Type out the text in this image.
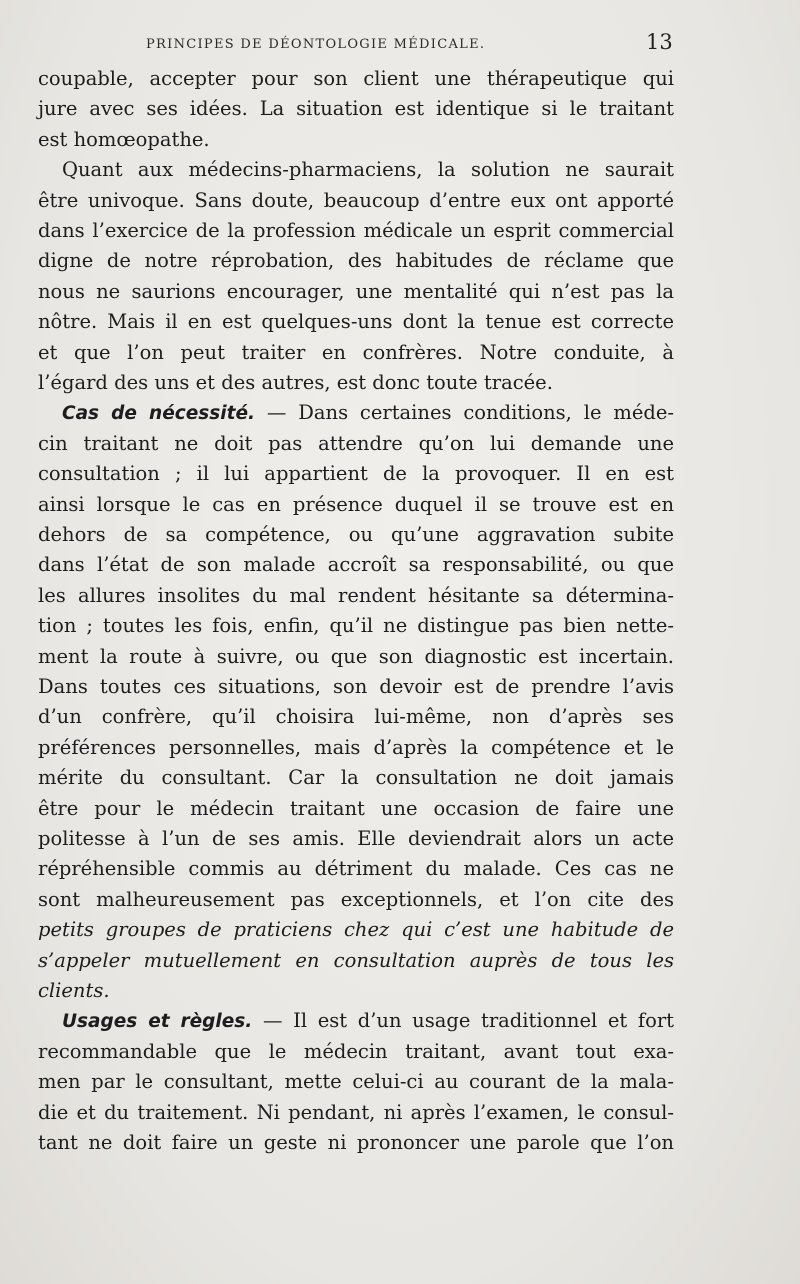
PRINCIPES DE DÉONTOLOGIE MÉDICALE.	13
coupable, accepter pour son client une thérapeutique qui
jure avec ses idées. La situation est identique si le traitant
est homœopathe.
Quant aux médecins-pharmaciens, la solution ne saurait
être univoque. Sans doute, beaucoup d’entre eux ont apporté
dans l’exercice de la profession médicale un esprit commercial
digne de notre réprobation, des habitudes de réclame que
nous ne saurions encourager, une mentalité qui n’est pas la
nôtre. Mais il en est quelques-uns dont la tenue est correcte
et que l’on peut traiter en confrères. Notre conduite, à
l’égard des uns et des autres, est donc toute tracée.
Cas de nécessité. — Dans certaines conditions, le méde-
cin traitant ne doit pas attendre qu’on lui demande une
consultation ; il lui appartient de la provoquer. Il en est
ainsi lorsque le cas en présence duquel il se trouve est en
dehors de sa compétence, ou qu’une aggravation subite
dans l’état de son malade accroît sa responsabilité, ou que
les allures insolites du mal rendent hésitante sa détermina-
tion ; toutes les fois, enfin, qu’il ne distingue pas bien nette-
ment la route à suivre, ou que son diagnostic est incertain.
Dans toutes ces situations, son devoir est de prendre l’avis
d’un confrère, qu’il choisira lui-même, non d’après ses
préférences personnelles, mais d’après la compétence et le
mérite du consultant. Car la consultation ne doit jamais
être pour le médecin traitant une occasion de faire une
politesse à l’un de ses amis. Elle deviendrait alors un acte
répréhensible commis au détriment du malade. Ces cas ne
sont malheureusement pas exceptionnels, et l’on cite des
petits groupes de praticiens chez qui c’est une habitude de
s’appeler mutuellement en consultation auprès de tous les
clients.
Usages et règles. — Il est d’un usage traditionnel et fort
recommandable que le médecin traitant, avant tout exa-
men par le consultant, mette celui-ci au courant de la mala-
die et du traitement. Ni pendant, ni après l’examen, le consul-
tant ne doit faire un geste ni prononcer une parole que l’on
